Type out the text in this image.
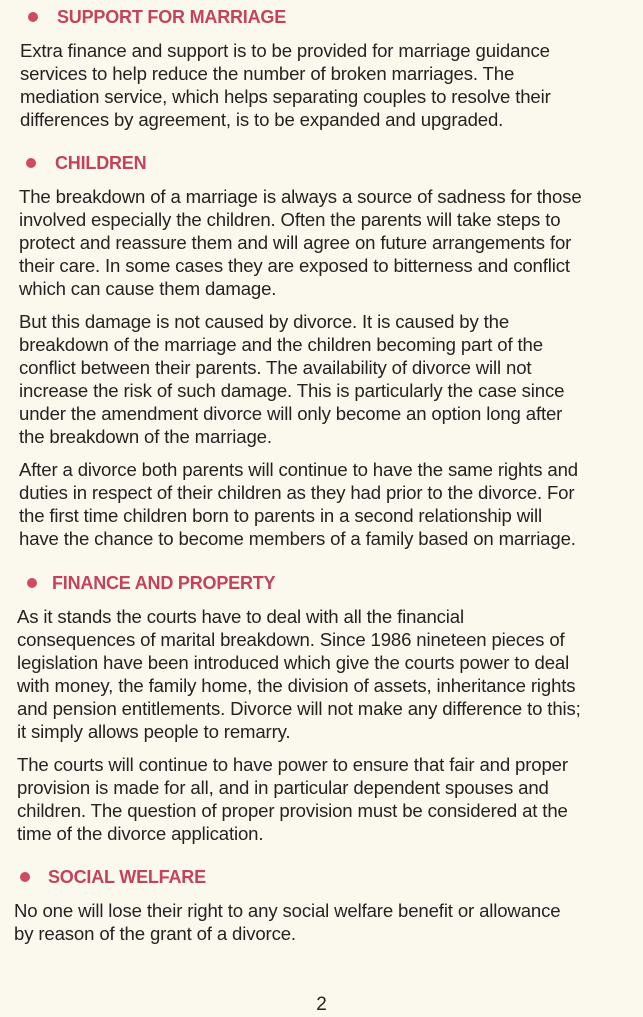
SUPPORT FOR MARRIAGE
Extra finance and support is to be provided for marriage guidance
services to help reduce the number of broken marriages. The
mediation service, which helps separating couples to resolve their
differences by agreement, is to be expanded and upgraded.
CHILDREN
The breakdown of a marriage is always a source of sadness for those
involved especially the children. Often the parents will take steps to
protect and reassure them and will agree on future arrangements for
their care. In some cases they are exposed to bitterness and conflict
which can cause them damage.
But this damage is not caused by divorce. It is caused by the
breakdown of the marriage and the children becoming part of the
conflict between their parents. The availability of divorce will not
increase the risk of such damage. This is particularly the case since
under the amendment divorce will only become an option long after
the breakdown of the marriage.
After a divorce both parents will continue to have the same rights and
duties in respect of their children as they had prior to the divorce. For
the first time children born to parents in a second relationship will
have the chance to become members of a family based on marriage.
FINANCE AND PROPERTY
As it stands the courts have to deal with all the financial
consequences of marital breakdown. Since 1986 nineteen pieces of
legislation have been introduced which give the courts power to deal
with money, the family home, the division of assets, inheritance rights
and pension entitlements. Divorce will not make any difference to this;
it simply allows people to remarry.
The courts will continue to have power to ensure that fair and proper
provision is made for all, and in particular dependent spouses and
children. The question of proper provision must be considered at the
time of the divorce application.
SOCIAL WELFARE
No one will lose their right to any social welfare benefit or allowance
by reason of the grant of a divorce.
2
